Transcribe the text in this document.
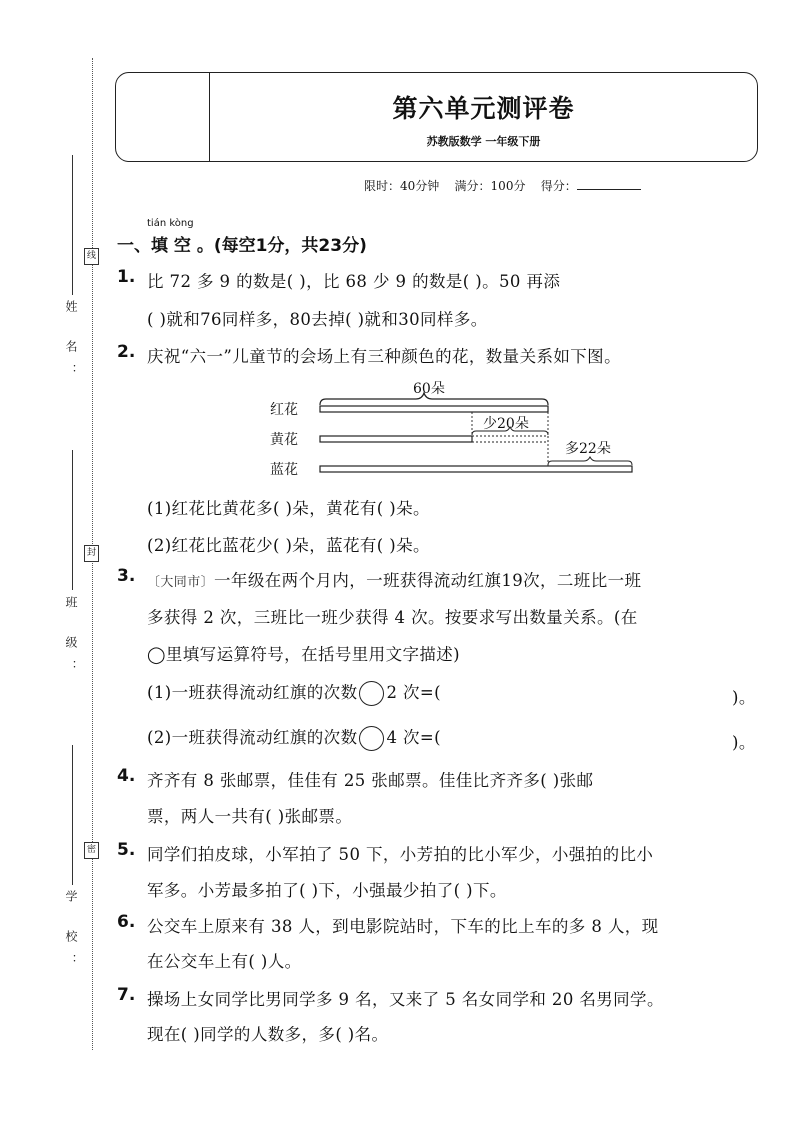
姓 名：
班 级：
学 校：
线
封
密
第六单元测评卷
苏教版数学 一年级下册
限时：40分钟 满分：100分 得分：
tián kòng
一、填 空 。(每空1分，共23分)
1. 比 72 多 9 的数是( )，比 68 少 9 的数是( )。50 再添
( )就和76同样多，80去掉( )就和30同样多。
2. 庆祝“六一”儿童节的会场上有三种颜色的花，数量关系如下图。
红花
黄花
蓝花
60朵
少20朵
多22朵
(1)红花比黄花多( )朵，黄花有( )朵。
(2)红花比蓝花少( )朵，蓝花有( )朵。
3. 〔大同市〕一年级在两个月内，一班获得流动红旗19次，二班比一班
多获得 2 次，三班比一班少获得 4 次。按要求写出数量关系。(在
◯里填写运算符号，在括号里用文字描述)
(1)一班获得流动红旗的次数 2 次=(	)。
(2)一班获得流动红旗的次数 4 次=(	)。
4. 齐齐有 8 张邮票，佳佳有 25 张邮票。佳佳比齐齐多( )张邮
票，两人一共有( )张邮票。
5. 同学们拍皮球，小军拍了 50 下，小芳拍的比小军少，小强拍的比小
军多。小芳最多拍了( )下，小强最少拍了( )下。
6. 公交车上原来有 38 人，到电影院站时，下车的比上车的多 8 人，现
在公交车上有( )人。
7. 操场上女同学比男同学多 9 名，又来了 5 名女同学和 20 名男同学。
现在( )同学的人数多，多( )名。
